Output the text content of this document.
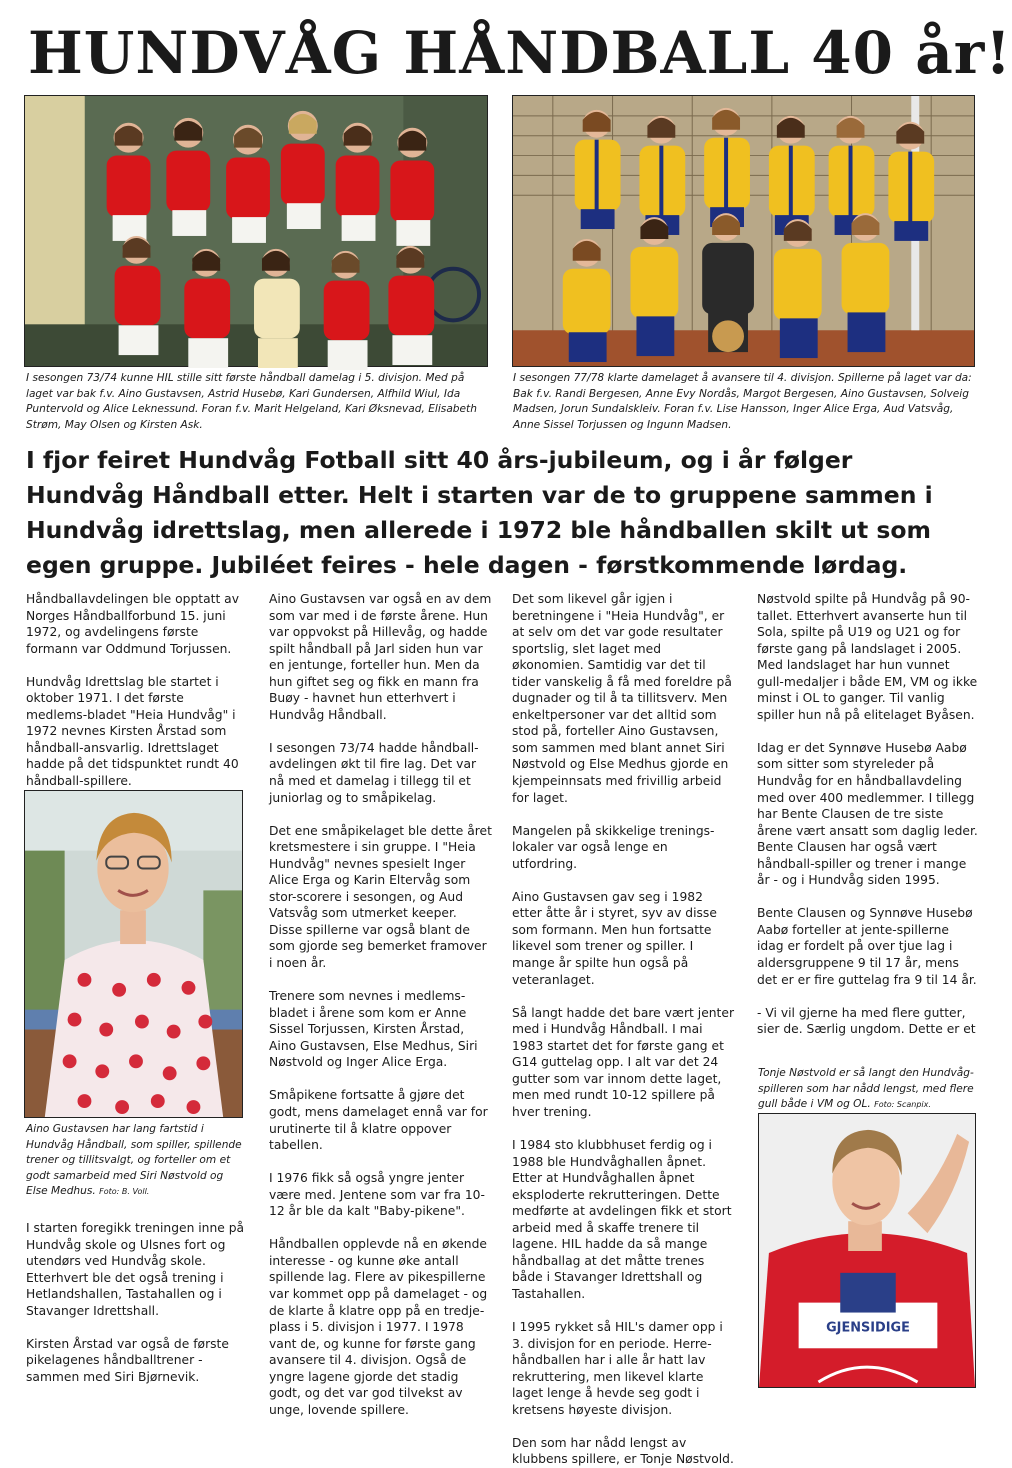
HUNDVÅG HÅNDBALL 40 år!
I sesongen 73/74 kunne HIL stille sitt første håndball damelag i 5. divisjon. Med på laget var bak f.v. Aino Gustavsen, Astrid Husebø, Kari Gundersen, Alfhild Wiul, Ida Puntervold og Alice Leknessund. Foran f.v. Marit Helgeland, Kari Øksnevad, Elisabeth Strøm, May Olsen og Kirsten Ask.
I sesongen 77/78 klarte damelaget å avansere til 4. divisjon. Spillerne på laget var da: Bak f.v. Randi Bergesen, Anne Evy Nordås, Margot Bergesen, Aino Gustavsen, Solveig Madsen, Jorun Sundalskleiv. Foran f.v. Lise Hansson, Inger Alice Erga, Aud Vatsvåg, Anne Sissel Torjussen og Ingunn Madsen.
I fjor feiret Hundvåg Fotball sitt 40 års-jubileum, og i år følger Hundvåg Håndball etter. Helt i starten var de to gruppene sammen i Hundvåg idrettslag, men allerede i 1972 ble håndballen skilt ut som egen gruppe. Jubiléet feires - hele dagen - førstkommende lørdag.

Håndballavdelingen ble opptatt av Norges Håndballforbund 15. juni 1972, og avdelingens første formann var Oddmund Torjussen.

Hundvåg Idrettslag ble startet i oktober 1971. I det første medlems-bladet "Heia Hundvåg" i 1972 nevnes Kirsten Årstad som håndball-ansvarlig. Idrettslaget hadde på det tidspunktet rundt 40 håndball-spillere.

Aino Gustavsen har lang fartstid i Hundvåg Håndball, som spiller, spillende trener og tillitsvalgt, og forteller om et godt samarbeid med Siri Nøstvold og Else Medhus. Foto: B. Voll.

I starten foregikk treningen inne på Hundvåg skole og Ulsnes fort og utendørs ved Hundvåg skole. Etterhvert ble det også trening i Hetlandshallen, Tastahallen og i Stavanger Idrettshall.

Kirsten Årstad var også de første pikelagenes håndballtrener - sammen med Siri Bjørnevik.

Aino Gustavsen var også en av dem som var med i de første årene. Hun var oppvokst på Hillevåg, og hadde spilt håndball på Jarl siden hun var en jentunge, forteller hun. Men da hun giftet seg og fikk en mann fra Buøy - havnet hun etterhvert i Hundvåg Håndball.

I sesongen 73/74 hadde håndball-avdelingen økt til fire lag. Det var nå med et damelag i tillegg til et juniorlag og to småpikelag.

Det ene småpikelaget ble dette året kretsmestere i sin gruppe. I "Heia Hundvåg" nevnes spesielt Inger Alice Erga og Karin Eltervåg som stor-scorere i sesongen, og Aud Vatsvåg som utmerket keeper. Disse spillerne var også blant de som gjorde seg bemerket framover i noen år.

Trenere som nevnes i medlems-bladet i årene som kom er Anne Sissel Torjussen, Kirsten Årstad, Aino Gustavsen, Else Medhus, Siri Nøstvold og Inger Alice Erga.

Småpikene fortsatte å gjøre det godt, mens damelaget ennå var for urutinerte til å klatre oppover tabellen.

I 1976 fikk så også yngre jenter være med. Jentene som var fra 10-12 år ble da kalt "Baby-pikene".

Håndballen opplevde nå en økende interesse - og kunne øke antall spillende lag. Flere av pikespillerne var kommet opp på damelaget - og de klarte å klatre opp på en tredje-plass i 5. divisjon i 1977. I 1978 vant de, og kunne for første gang avansere til 4. divisjon. Også de yngre lagene gjorde det stadig godt, og det var god tilvekst av unge, lovende spillere.

Det som likevel går igjen i beretningene i "Heia Hundvåg", er at selv om det var gode resultater sportslig, slet laget med økonomien. Samtidig var det til tider vanskelig å få med foreldre på dugnader og til å ta tillitsverv. Men enkeltpersoner var det alltid som stod på, forteller Aino Gustavsen, som sammen med blant annet Siri Nøstvold og Else Medhus gjorde en kjempeinnsats med frivillig arbeid for laget.

Mangelen på skikkelige trenings-lokaler var også lenge en utfordring.

Aino Gustavsen gav seg i 1982 etter åtte år i styret, syv av disse som formann. Men hun fortsatte likevel som trener og spiller. I mange år spilte hun også på veteranlaget.

Så langt hadde det bare vært jenter med i Hundvåg Håndball. I mai 1983 startet det for første gang et G14 guttelag opp. I alt var det 24 gutter som var innom dette laget, men med rundt 10-12 spillere på hver trening.

I 1984 sto klubbhuset ferdig og i 1988 ble Hundvåghallen åpnet. Etter at Hundvåghallen åpnet eksploderte rekrutteringen. Dette medførte at avdelingen fikk et stort arbeid med å skaffe trenere til lagene. HIL hadde da så mange håndballag at det måtte trenes både i Stavanger Idrettshall og Tastahallen.

I 1995 rykket så HIL's damer opp i 3. divisjon for en periode. Herre-håndballen har i alle år hatt lav rekruttering, men likevel klarte laget lenge å hevde seg godt i kretsens høyeste divisjon.

Den som har nådd lengst av klubbens spillere, er Tonje Nøstvold.

Nøstvold spilte på Hundvåg på 90-tallet. Etterhvert avanserte hun til Sola, spilte på U19 og U21 og for første gang på landslaget i 2005. Med landslaget har hun vunnet gull-medaljer i både EM, VM og ikke minst i OL to ganger. Til vanlig spiller hun nå på elitelaget Byåsen.

Idag er det Synnøve Husebø Aabø som sitter som styreleder på Hundvåg for en håndballavdeling med over 400 medlemmer. I tillegg har Bente Clausen de tre siste årene vært ansatt som daglig leder. Bente Clausen har også vært håndball-spiller og trener i mange år - og i Hundvåg siden 1995.

Bente Clausen og Synnøve Husebø Aabø forteller at jente-spillerne idag er fordelt på over tjue lag i aldersgruppene 9 til 17 år, mens det er er fire guttelag fra 9 til 14 år.

- Vi vil gjerne ha med flere gutter, sier de. Særlig ungdom. Dette er et

Tonje Nøstvold er så langt den Hundvåg-spilleren som har nådd lengst, med flere gull både i VM og OL. Foto: Scanpix.
GJENSIDIGE
